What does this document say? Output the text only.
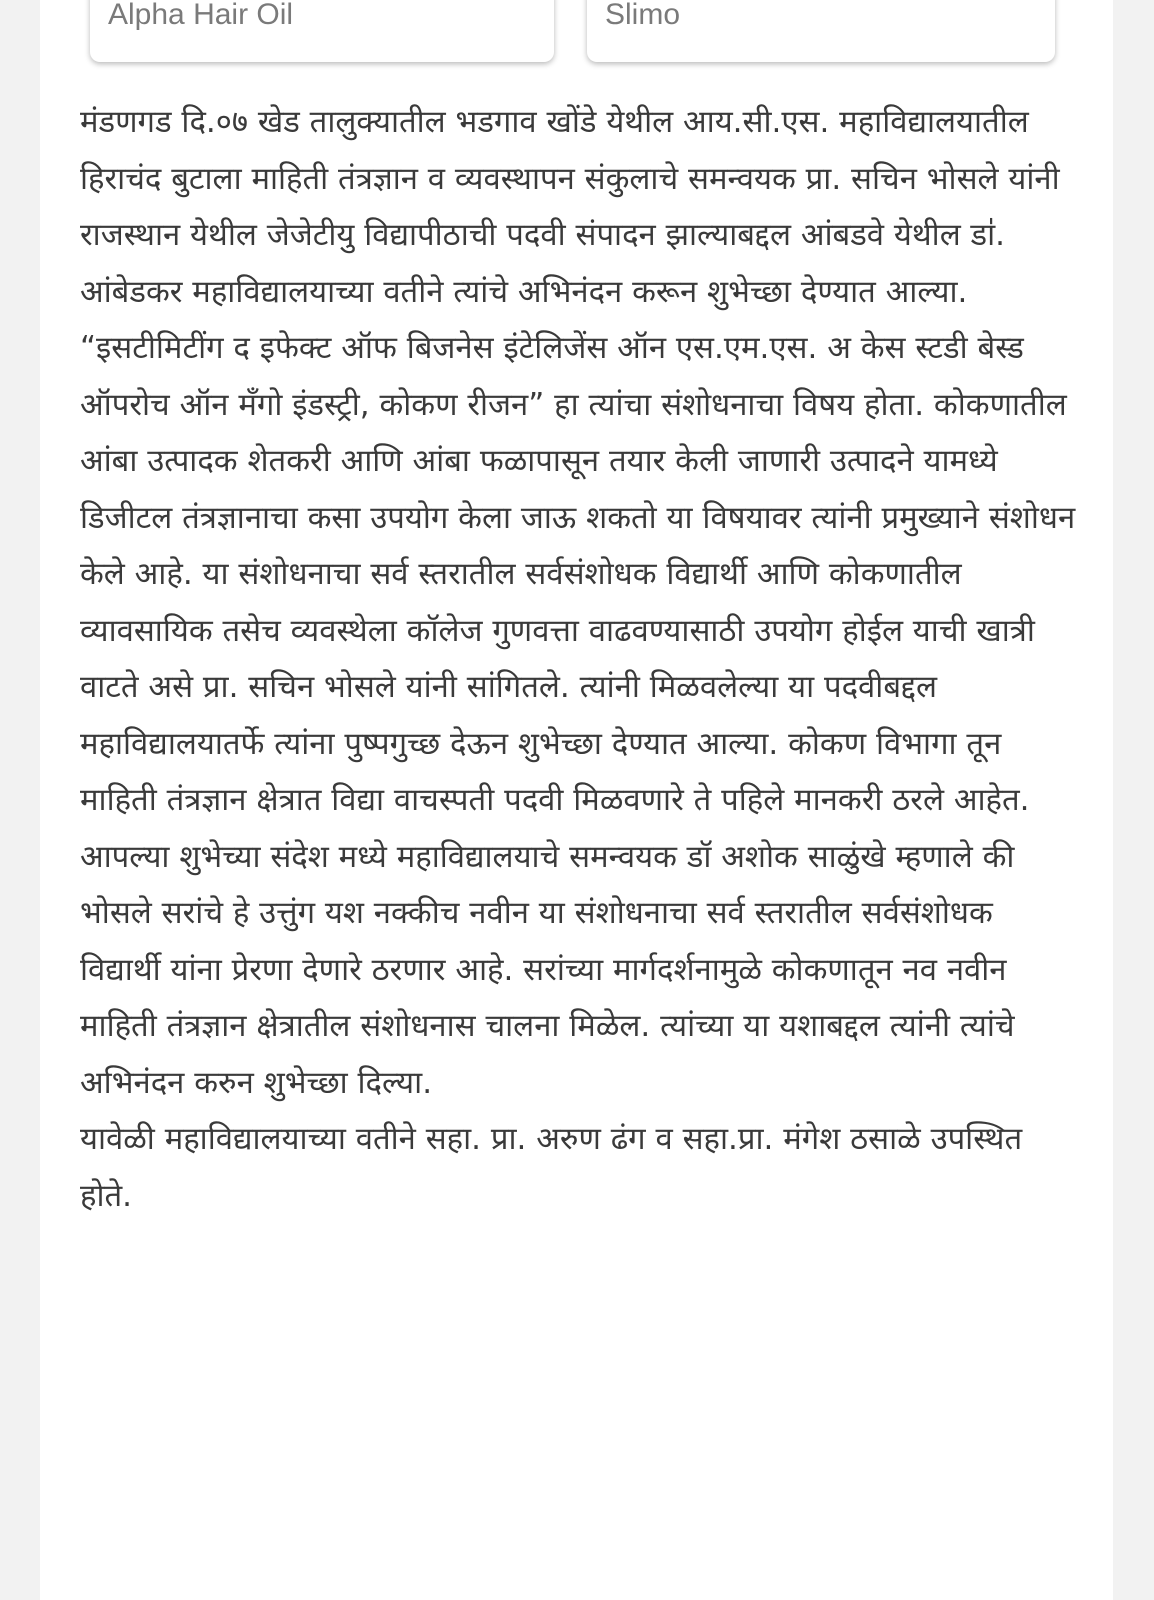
Alpha Hair Oil	Slimo

मंडणगड दि.०७ खेड तालुक्यातील भडगाव खोंडे येथील आय.सी.एस. महाविद्यालयातील हिराचंद बुटाला माहिती तंत्रज्ञान व व्यवस्थापन संकुलाचे समन्वयक प्रा. सचिन भोसले यांनी राजस्थान येथील जेजेटीयु विद्यापीठाची पदवी संपादन झाल्याबद्दल आंबडवे येथील डा॑. आंबेडकर महाविद्यालयाच्या वतीने त्यांचे अभिनंदन करून शुभेच्छा देण्यात आल्या.

“इसटीमिटींग द इफेक्ट ऑफ बिजनेस इंटेलिजेंस ऑन एस.एम.एस. अ केस स्टडी बेस्ड ऑपरोच ऑन मँगो इंडस्ट्री, कोकण रीजन” हा त्यांचा संशोधनाचा विषय होता. कोकणातील आंबा उत्पादक शेतकरी आणि आंबा फळापासून तयार केली जाणारी उत्पादने यामध्ये डिजीटल तंत्रज्ञानाचा कसा उपयोग केला जाऊ शकतो या विषयावर त्यांनी प्रमुख्याने संशोधन केले आहे. या संशोधनाचा सर्व स्तरातील सर्वसंशोधक विद्यार्थी आणि कोकणातील व्यावसायिक तसेच व्यवस्थेला कॉलेज गुणवत्ता वाढवण्यासाठी उपयोग होईल याची खात्री वाटते असे प्रा. सचिन भोसले यांनी सांगितले. त्यांनी मिळवलेल्या या पदवीबद्दल महाविद्यालयातर्फे त्यांना पुष्पगुच्छ देऊन शुभेच्छा देण्यात आल्या. कोकण विभागा तून माहिती तंत्रज्ञान क्षेत्रात विद्या वाचस्पती पदवी मिळवणारे ते पहिले मानकरी ठरले आहेत.

आपल्या शुभेच्या संदेश मध्ये महाविद्यालयाचे समन्वयक डॉ अशोक साळुंखे म्हणाले की भोसले सरांचे हे उत्तुंग यश नक्कीच नवीन या संशोधनाचा सर्व स्तरातील सर्वसंशोधक विद्यार्थी यांना प्रेरणा देणारे ठरणार आहे. सरांच्या मार्गदर्शनामुळे कोकणातून नव नवीन माहिती तंत्रज्ञान क्षेत्रातील संशोधनास चालना मिळेल. त्यांच्या या यशाबद्दल त्यांनी त्यांचे अभिनंदन करुन शुभेच्छा दिल्या.

यावेळी महाविद्यालयाच्या वतीने सहा. प्रा. अरुण ढंग व सहा.प्रा. मंगेश ठसाळे उपस्थित होते.
